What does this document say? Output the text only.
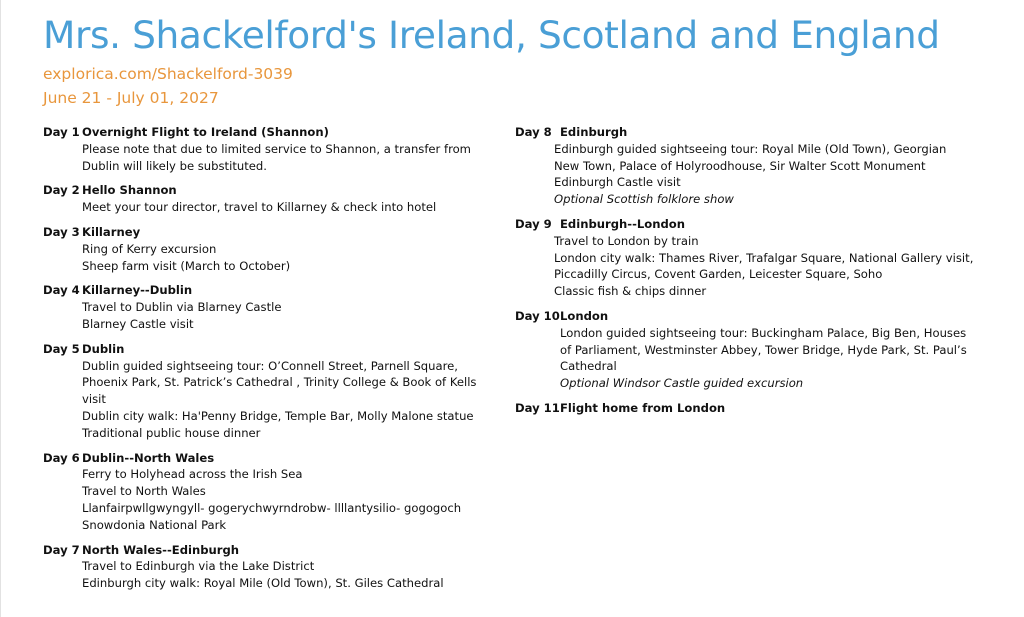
Mrs. Shackelford's Ireland, Scotland and England
explorica.com/Shackelford-3039
June 21 - July 01, 2027
Day 1 Overnight Flight to Ireland (Shannon)
Please note that due to limited service to Shannon, a transfer from
Dublin will likely be substituted.
Day 2 Hello Shannon
Meet your tour director, travel to Killarney & check into hotel
Day 3 Killarney
Ring of Kerry excursion
Sheep farm visit (March to October)
Day 4 Killarney--Dublin
Travel to Dublin via Blarney Castle
Blarney Castle visit
Day 5 Dublin
Dublin guided sightseeing tour: O’Connell Street, Parnell Square,
Phoenix Park, St. Patrick’s Cathedral , Trinity College & Book of Kells
visit
Dublin city walk: Ha'Penny Bridge, Temple Bar, Molly Malone statue
Traditional public house dinner
Day 6 Dublin--North Wales
Ferry to Holyhead across the Irish Sea
Travel to North Wales
Llanfairpwllgwyngyll- gogerychwyrndrobw- llllantysilio- gogogoch
Snowdonia National Park
Day 7 North Wales--Edinburgh
Travel to Edinburgh via the Lake District
Edinburgh city walk: Royal Mile (Old Town), St. Giles Cathedral
Day 8 Edinburgh
Edinburgh guided sightseeing tour: Royal Mile (Old Town), Georgian
New Town, Palace of Holyroodhouse, Sir Walter Scott Monument
Edinburgh Castle visit
Optional Scottish folklore show
Day 9 Edinburgh--London
Travel to London by train
London city walk: Thames River, Trafalgar Square, National Gallery visit,
Piccadilly Circus, Covent Garden, Leicester Square, Soho
Classic fish & chips dinner
Day 10 London
London guided sightseeing tour: Buckingham Palace, Big Ben, Houses
of Parliament, Westminster Abbey, Tower Bridge, Hyde Park, St. Paul’s
Cathedral
Optional Windsor Castle guided excursion
Day 11 Flight home from London
